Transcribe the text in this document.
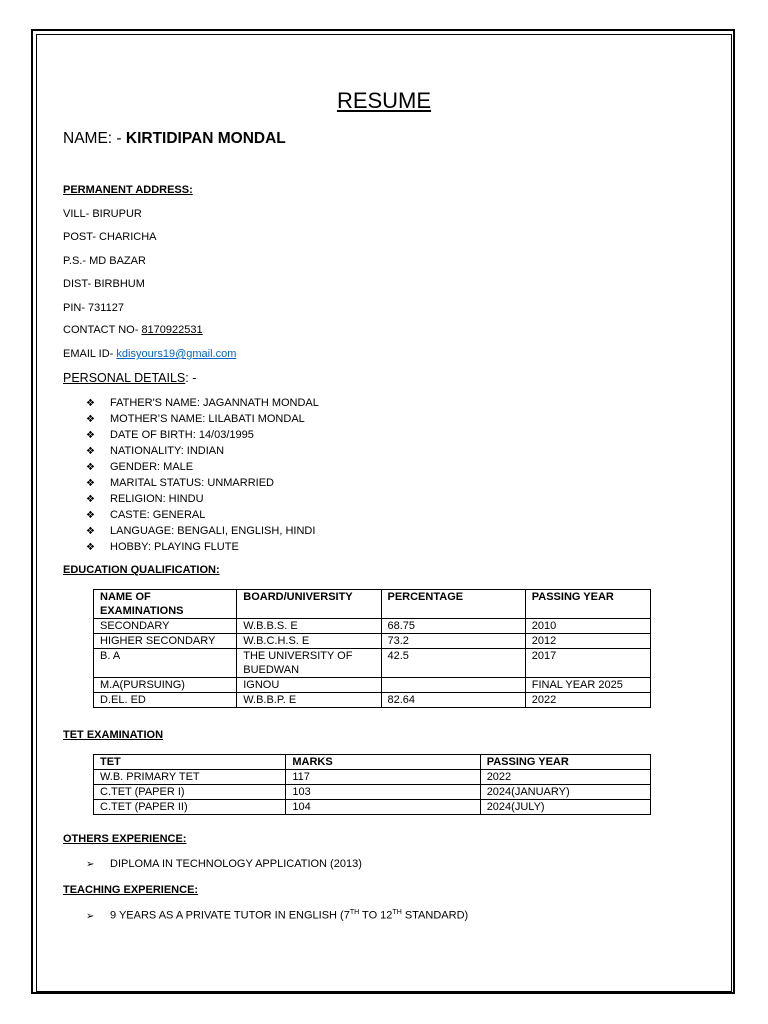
RESUME
NAME: - KIRTIDIPAN MONDAL
PERMANENT ADDRESS:
VILL- BIRUPUR
POST- CHARICHA
P.S.- MD BAZAR
DIST- BIRBHUM
PIN- 731127
CONTACT NO- 8170922531
EMAIL ID- kdisyours19@gmail.com
PERSONAL DETAILS: -
❖ FATHER'S NAME: JAGANNATH MONDAL
❖ MOTHER’S NAME: LILABATI MONDAL
❖ DATE OF BIRTH: 14/03/1995
❖ NATIONALITY: INDIAN
❖ GENDER: MALE
❖ MARITAL STATUS: UNMARRIED
❖ RELIGION: HINDU
❖ CASTE: GENERAL
❖ LANGUAGE: BENGALI, ENGLISH, HINDI
❖ HOBBY: PLAYING FLUTE
EDUCATION QUALIFICATION:
NAME OF EXAMINATIONS	BOARD/UNIVERSITY	PERCENTAGE	PASSING YEAR
SECONDARY	W.B.B.S. E	68.75	2010
HIGHER SECONDARY	W.B.C.H.S. E	73.2	2012
B. A	THE UNIVERSITY OF BUEDWAN	42.5	2017
M.A(PURSUING)	IGNOU		FINAL YEAR 2025
D.EL. ED	W.B.B.P. E	82.64	2022
TET EXAMINATION
TET	MARKS	PASSING YEAR
W.B. PRIMARY TET	117	2022
C.TET (PAPER I)	103	2024(JANUARY)
C.TET (PAPER II)	104	2024(JULY)
OTHERS EXPERIENCE:
➢ DIPLOMA IN TECHNOLOGY APPLICATION (2013)
TEACHING EXPERIENCE:
➢ 9 YEARS AS A PRIVATE TUTOR IN ENGLISH (7TH TO 12TH STANDARD)
